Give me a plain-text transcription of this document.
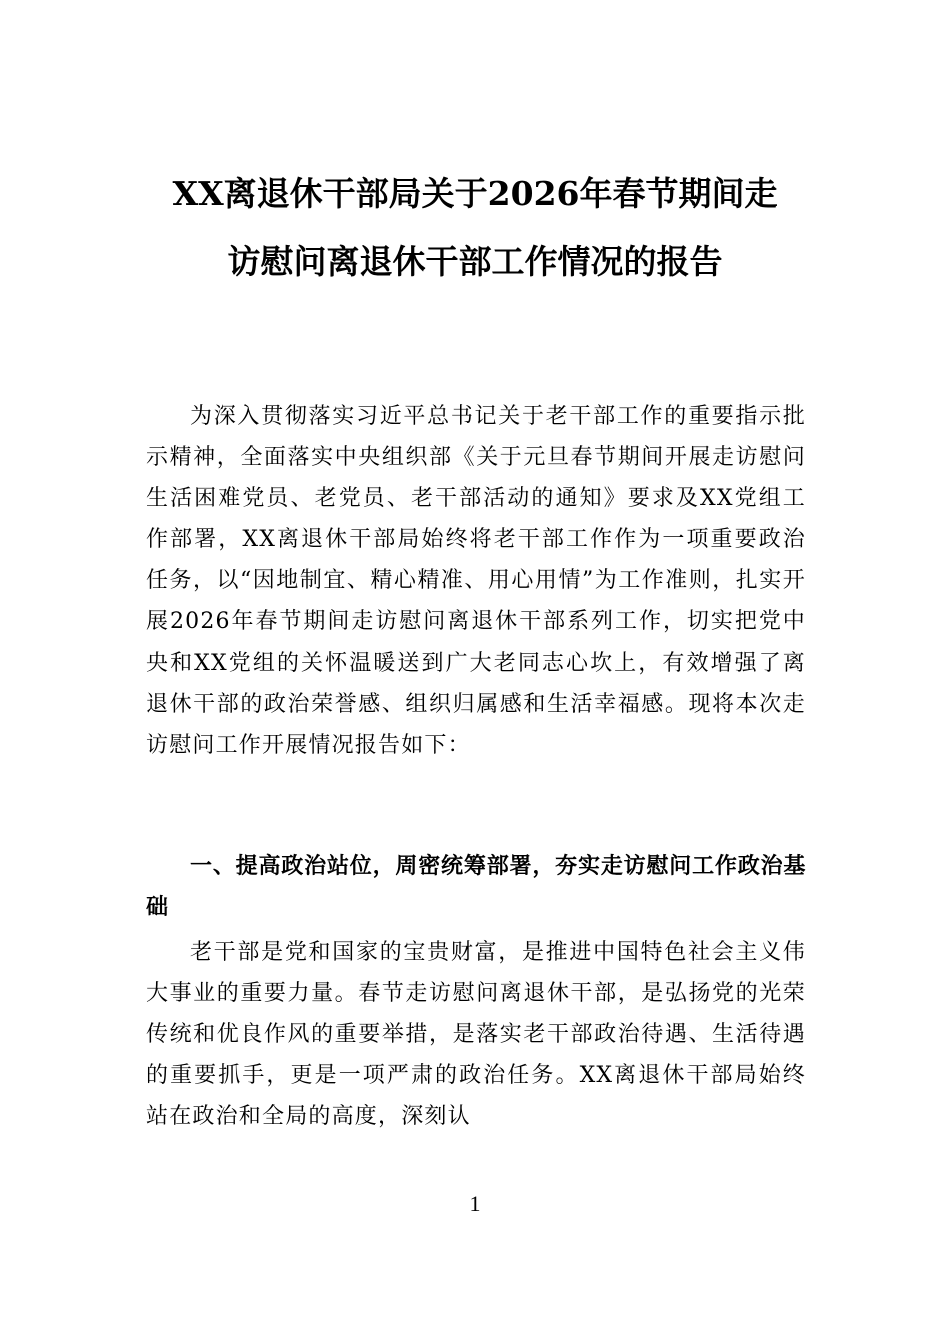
XX离退休干部局关于2026年春节期间走
访慰问离退休干部工作情况的报告

为深入贯彻落实习近平总书记关于老干部工作的重要指示批示精神，全面落实中央组织部《关于元旦春节期间开展走访慰问生活困难党员、老党员、老干部活动的通知》要求及XX党组工作部署，XX离退休干部局始终将老干部工作作为一项重要政治任务，以“因地制宜、精心精准、用心用情”为工作准则，扎实开展2026年春节期间走访慰问离退休干部系列工作，切实把党中央和XX党组的关怀温暖送到广大老同志心坎上，有效增强了离退休干部的政治荣誉感、组织归属感和生活幸福感。现将本次走访慰问工作开展情况报告如下：

一、提高政治站位，周密统筹部署，夯实走访慰问工作政治基础

老干部是党和国家的宝贵财富，是推进中国特色社会主义伟大事业的重要力量。春节走访慰问离退休干部，是弘扬党的光荣传统和优良作风的重要举措，是落实老干部政治待遇、生活待遇的重要抓手，更是一项严肃的政治任务。XX离退休干部局始终站在政治和全局的高度，深刻认

1
